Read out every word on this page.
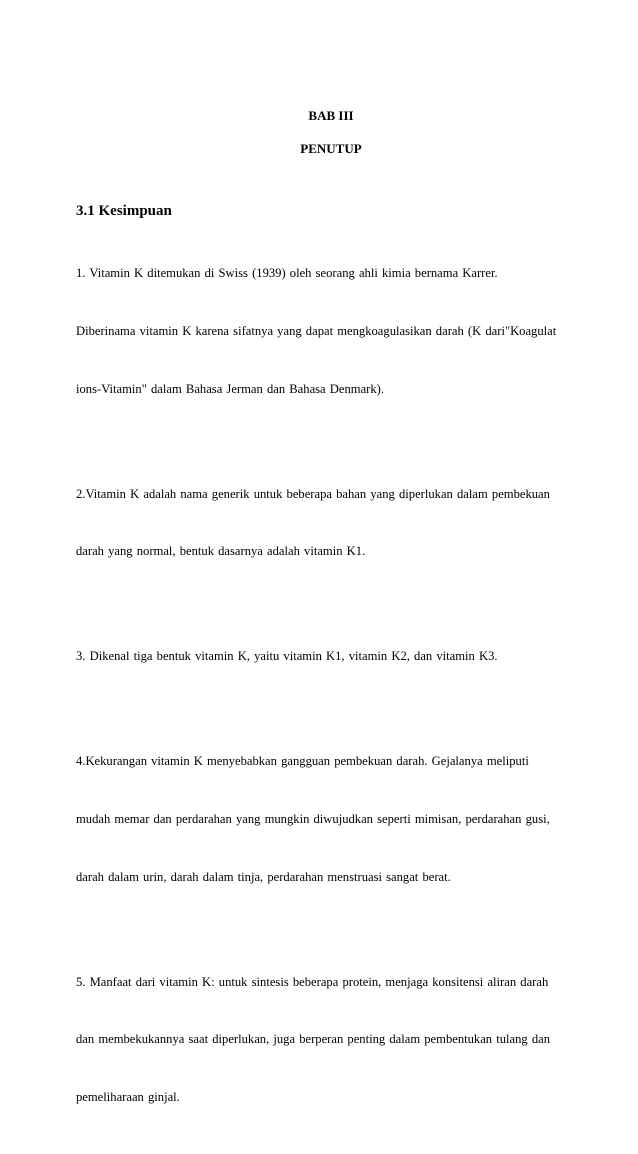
BAB III
PENUTUP
3.1 Kesimpuan

1. Vitamin K ditemukan di Swiss (1939) oleh seorang ahli kimia bernama Karrer.

Diberinama vitamin K karena sifatnya yang dapat mengkoagulasikan darah (K dari"Koagulat

ions-Vitamin" dalam Bahasa Jerman dan Bahasa Denmark).

2.Vitamin K adalah nama generik untuk beberapa bahan yang diperlukan dalam pembekuan

darah yang normal, bentuk dasarnya adalah vitamin K1.

3. Dikenal tiga bentuk vitamin K, yaitu vitamin K1, vitamin K2, dan vitamin K3.

4.Kekurangan vitamin K menyebabkan gangguan pembekuan darah. Gejalanya meliputi

mudah memar dan perdarahan yang mungkin diwujudkan seperti mimisan, perdarahan gusi,

darah dalam urin, darah dalam tinja, perdarahan menstruasi sangat berat.

5. Manfaat dari vitamin K: untuk sintesis beberapa protein, menjaga konsitensi aliran darah

dan membekukannya saat diperlukan, juga berperan penting dalam pembentukan tulang dan

pemeliharaan ginjal.
